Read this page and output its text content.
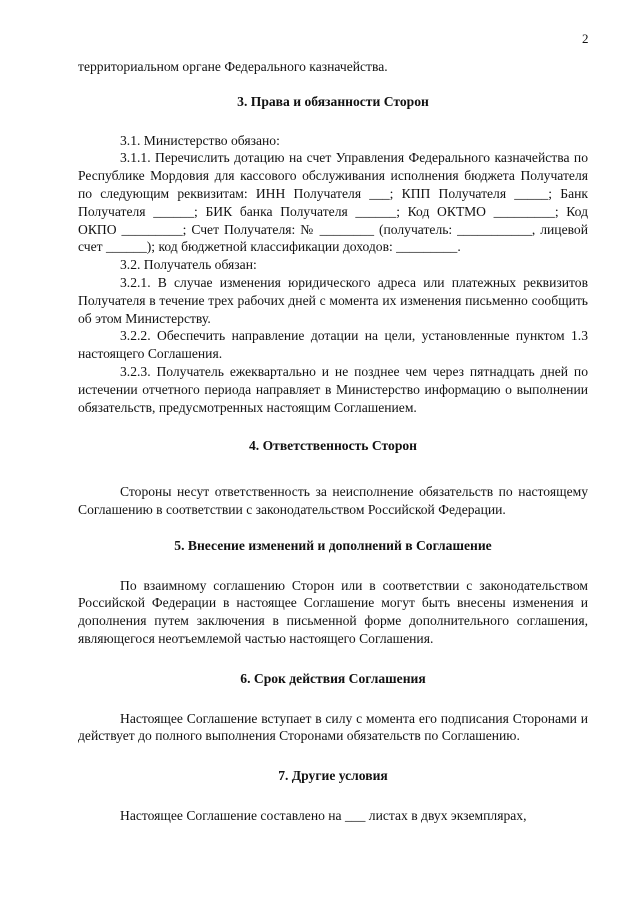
2

территориальном органе Федерального казначейства.

3. Права и обязанности Сторон

3.1. Министерство обязано:

3.1.1. Перечислить дотацию на счет Управления Федерального казначейства по Республике Мордовия для кассового обслуживания исполнения бюджета Получателя по следующим реквизитам: ИНН Получателя ___; КПП Получателя _____; Банк Получателя ______; БИК банка Получателя ______; Код ОКТМО _________; Код ОКПО _________; Счет Получателя: № ________ (получатель: ___________, лицевой счет ______); код бюджетной классификации доходов: _________.

3.2. Получатель обязан:

3.2.1. В случае изменения юридического адреса или платежных реквизитов Получателя в течение трех рабочих дней с момента их изменения письменно сообщить об этом Министерству.

3.2.2. Обеспечить направление дотации на цели, установленные пунктом 1.3 настоящего Соглашения.

3.2.3. Получатель ежеквартально и не позднее чем через пятнадцать дней по истечении отчетного периода направляет в Министерство информацию о выполнении обязательств, предусмотренных настоящим Соглашением.

4. Ответственность Сторон

Стороны несут ответственность за неисполнение обязательств по настоящему Соглашению в соответствии с законодательством Российской Федерации.

5. Внесение изменений и дополнений в Соглашение

По взаимному соглашению Сторон или в соответствии с законодательством Российской Федерации в настоящее Соглашение могут быть внесены изменения и дополнения путем заключения в письменной форме дополнительного соглашения, являющегося неотъемлемой частью настоящего Соглашения.

6. Срок действия Соглашения

Настоящее Соглашение вступает в силу с момента его подписания Сторонами и действует до полного выполнения Сторонами обязательств по Соглашению.

7. Другие условия

Настоящее Соглашение составлено на ___ листах в двух экземплярах,
